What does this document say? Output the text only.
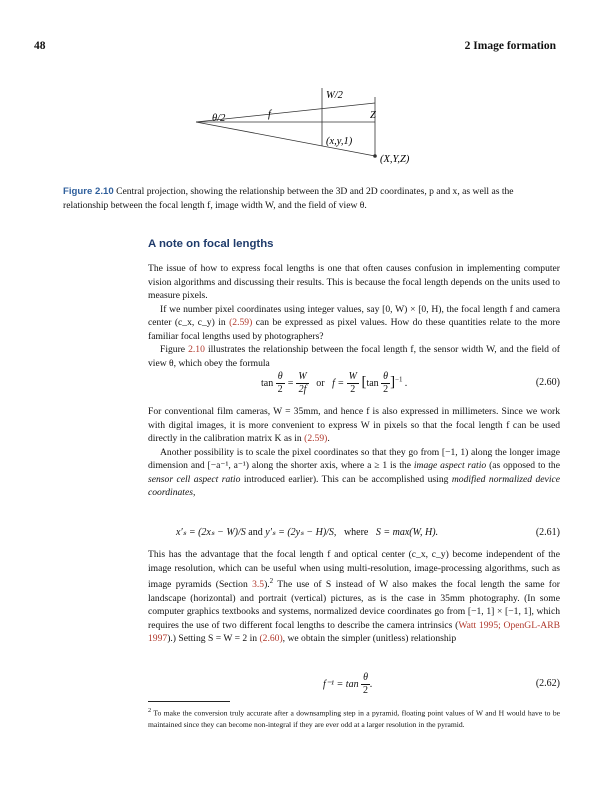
48	2 Image formation
θ/2	f
W/2
Z
(x,y,1)
(X,Y,Z)
Figure 2.10 Central projection, showing the relationship between the 3D and 2D coordinates, p and x, as well as the relationship between the focal length f, image width W, and the field of view θ.
A note on focal lengths

The issue of how to express focal lengths is one that often causes confusion in implementing computer vision algorithms and discussing their results. This is because the focal length depends on the units used to measure pixels.

If we number pixel coordinates using integer values, say [0, W) × [0, H), the focal length f and camera center (c_x, c_y) in (2.59) can be expressed as pixel values. How do these quantities relate to the more familiar focal lengths used by photographers?

Figure 2.10 illustrates the relationship between the focal length f, the sensor width W, and the field of view θ, which obey the formula

$\tan \frac{\theta}{2} = \frac{W}{2f}$ or $f = \frac{W}{2} [\tan \frac{\theta}{2} ]^{-1}$ .	(2.60)

For conventional film cameras, W = 35mm, and hence f is also expressed in millimeters. Since we work with digital images, it is more convenient to express W in pixels so that the focal length f can be used directly in the calibration matrix K as in (2.59).

Another possibility is to scale the pixel coordinates so that they go from [−1, 1) along the longer image dimension and [−a⁻¹, a⁻¹) along the shorter axis, where a ≥ 1 is the image aspect ratio (as opposed to the sensor cell aspect ratio introduced earlier). This can be accomplished using modified normalized device coordinates,

x′ₛ = (2xₛ − W)/S and y′ₛ = (2yₛ − H)/S, where S = max(W, H).	(2.61)

This has the advantage that the focal length f and optical center (c_x, c_y) become independent of the image resolution, which can be useful when using multi-resolution, image-processing algorithms, such as image pyramids (Section 3.5).$^2$ The use of S instead of W also makes the focal length the same for landscape (horizontal) and portrait (vertical) pictures, as is the case in 35mm photography. (In some computer graphics textbooks and systems, normalized device coordinates go from [−1, 1] × [−1, 1], which requires the use of two different focal lengths to describe the camera intrinsics (Watt 1995; OpenGL-ARB 1997).) Setting S = W = 2 in (2.60), we obtain the simpler (unitless) relationship

$f^{-1} = \tan \frac{\theta}{2}$ .	(2.62)
$^2$ To make the conversion truly accurate after a downsampling step in a pyramid, floating point values of W and H would have to be maintained since they can become non-integral if they are ever odd at a larger resolution in the pyramid.
